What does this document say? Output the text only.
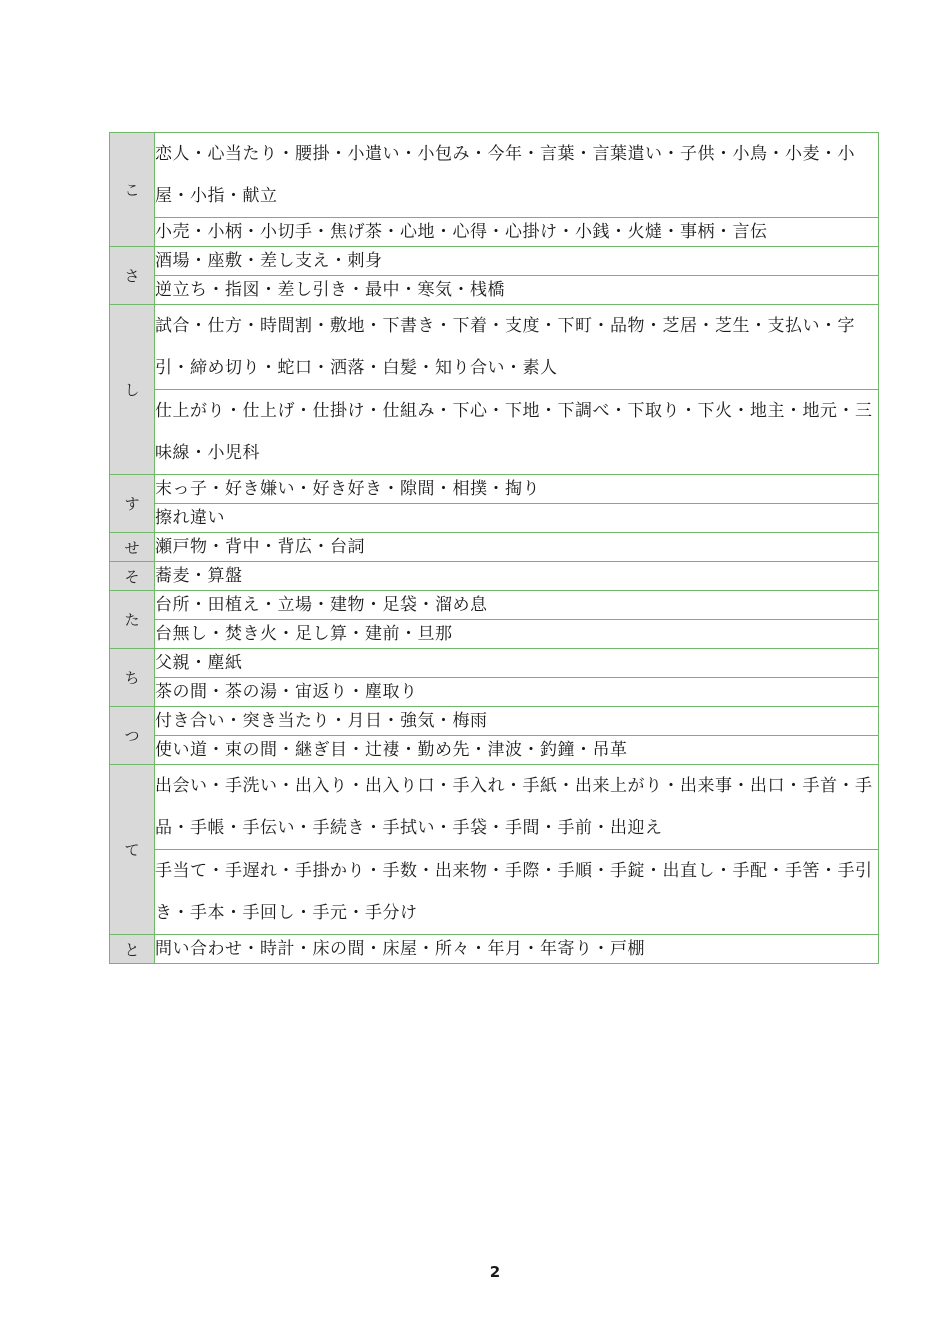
こ	恋人・心当たり・腰掛・小遣い・小包み・今年・言葉・言葉遣い・子供・小鳥・小麦・小屋・小指・献立
	小売・小柄・小切手・焦げ茶・心地・心得・心掛け・小銭・火燵・事柄・言伝
さ	酒場・座敷・差し支え・刺身
	逆立ち・指図・差し引き・最中・寒気・桟橋
し	試合・仕方・時間割・敷地・下書き・下着・支度・下町・品物・芝居・芝生・支払い・字引・締め切り・蛇口・洒落・白髪・知り合い・素人
	仕上がり・仕上げ・仕掛け・仕組み・下心・下地・下調べ・下取り・下火・地主・地元・三味線・小児科
す	末っ子・好き嫌い・好き好き・隙間・相撲・掏り
	擦れ違い
せ	瀬戸物・背中・背広・台詞
そ	蕎麦・算盤
た	台所・田植え・立場・建物・足袋・溜め息
	台無し・焚き火・足し算・建前・旦那
ち	父親・塵紙
	茶の間・茶の湯・宙返り・塵取り
つ	付き合い・突き当たり・月日・強気・梅雨
	使い道・束の間・継ぎ目・辻褄・勤め先・津波・釣鐘・吊革
て	出会い・手洗い・出入り・出入り口・手入れ・手紙・出来上がり・出来事・出口・手首・手品・手帳・手伝い・手続き・手拭い・手袋・手間・手前・出迎え
	手当て・手遅れ・手掛かり・手数・出来物・手際・手順・手錠・出直し・手配・手筈・手引き・手本・手回し・手元・手分け
と	問い合わせ・時計・床の間・床屋・所々・年月・年寄り・戸棚
2
